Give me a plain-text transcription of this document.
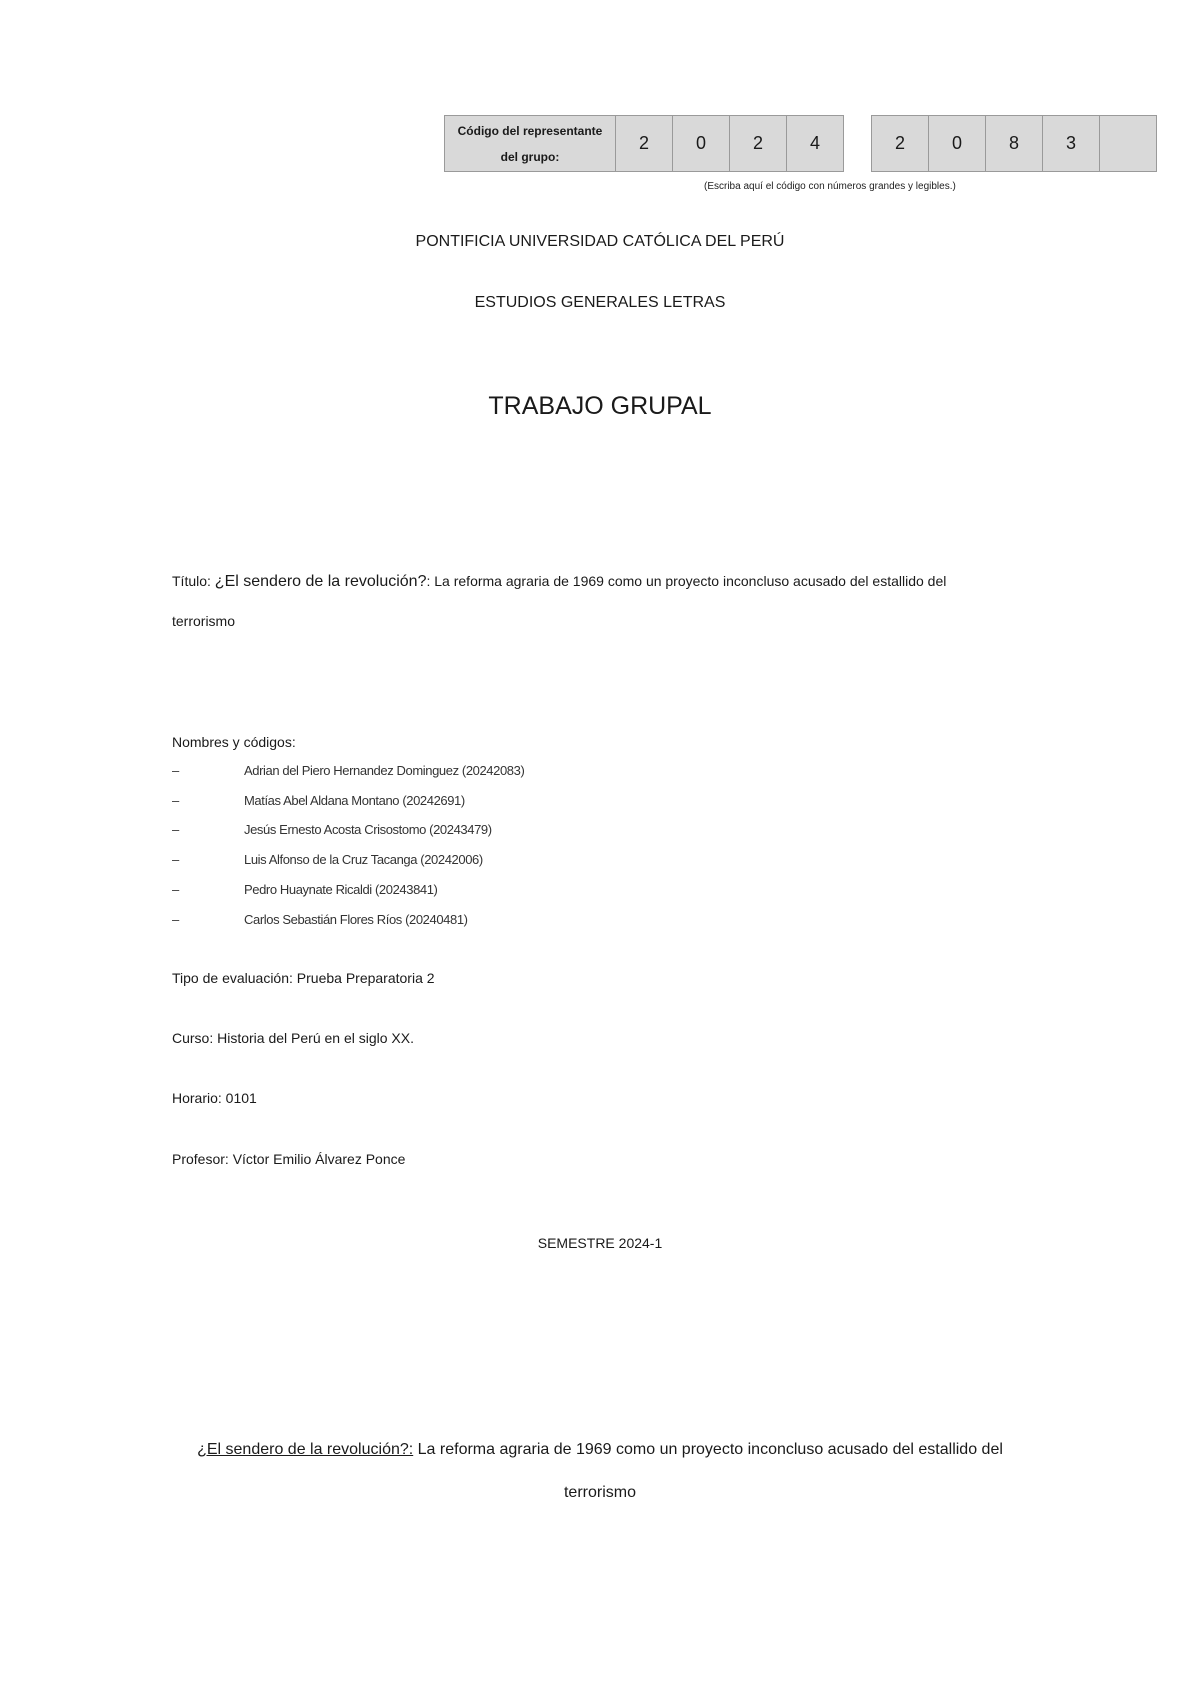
Código del representante
del grupo:
	2	0	2	4		2	0	8	3	
(Escriba aquí el código con números grandes y legibles.)
PONTIFICIA UNIVERSIDAD CATÓLICA DEL PERÚ
ESTUDIOS GENERALES LETRAS
TRABAJO GRUPAL
Título: ¿El sendero de la revolución?: La reforma agraria de 1969 como un proyecto inconcluso acusado del estallido del
terrorismo
Nombres y códigos:
–	Adrian del Piero Hernandez Dominguez (20242083)
–	Matías Abel Aldana Montano (20242691)
–	Jesús Ernesto Acosta Crisostomo (20243479)
–	Luis Alfonso de la Cruz Tacanga (20242006)
–	Pedro Huaynate Ricaldi (20243841)
–	Carlos Sebastián Flores Ríos (20240481)
Tipo de evaluación: Prueba Preparatoria 2
Curso: Historia del Perú en el siglo XX.
Horario: 0101
Profesor: Víctor Emilio Álvarez Ponce
SEMESTRE 2024-1
¿El sendero de la revolución?: La reforma agraria de 1969 como un proyecto inconcluso acusado del estallido del
terrorismo
